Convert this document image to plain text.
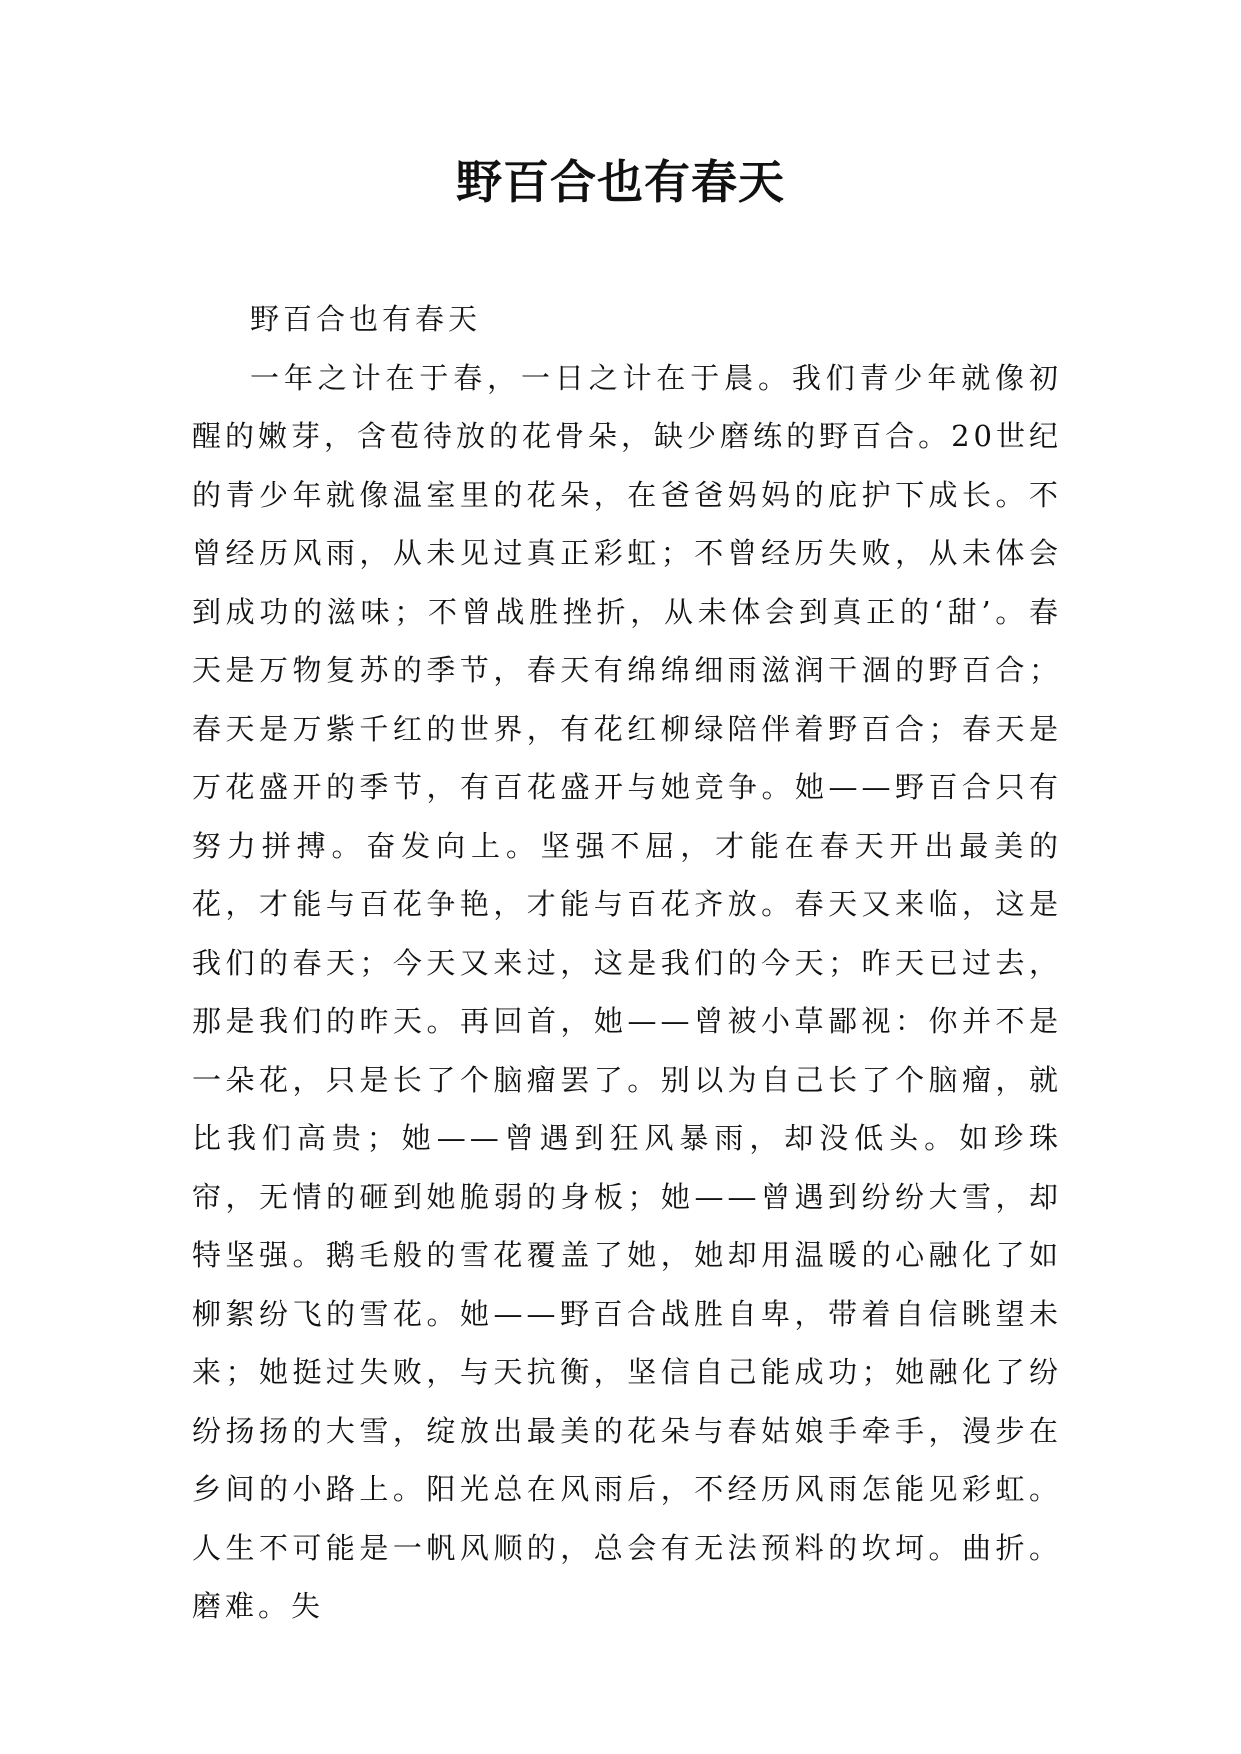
野百合也有春天

野百合也有春天

一年之计在于春，一日之计在于晨。我们青少年就像初醒的嫩芽，含苞待放的花骨朵，缺少磨练的野百合。20世纪的青少年就像温室里的花朵，在爸爸妈妈的庇护下成长。不曾经历风雨，从未见过真正彩虹；不曾经历失败，从未体会到成功的滋味；不曾战胜挫折，从未体会到真正的‘甜’。春天是万物复苏的季节，春天有绵绵细雨滋润干涸的野百合；春天是万紫千红的世界，有花红柳绿陪伴着野百合；春天是万花盛开的季节，有百花盛开与她竞争。她——野百合只有努力拼搏。奋发向上。坚强不屈，才能在春天开出最美的花，才能与百花争艳，才能与百花齐放。春天又来临，这是我们的春天；今天又来过，这是我们的今天；昨天已过去，那是我们的昨天。再回首，她——曾被小草鄙视：你并不是一朵花，只是长了个脑瘤罢了。别以为自己长了个脑瘤，就比我们高贵；她——曾遇到狂风暴雨，却没低头。如珍珠帘，无情的砸到她脆弱的身板；她——曾遇到纷纷大雪，却特坚强。鹅毛般的雪花覆盖了她，她却用温暖的心融化了如柳絮纷飞的雪花。她——野百合战胜自卑，带着自信眺望未来；她挺过失败，与天抗衡，坚信自己能成功；她融化了纷纷扬扬的大雪，绽放出最美的花朵与春姑娘手牵手，漫步在乡间的小路上。阳光总在风雨后，不经历风雨怎能见彩虹。人生不可能是一帆风顺的，总会有无法预料的坎坷。曲折。磨难。失
